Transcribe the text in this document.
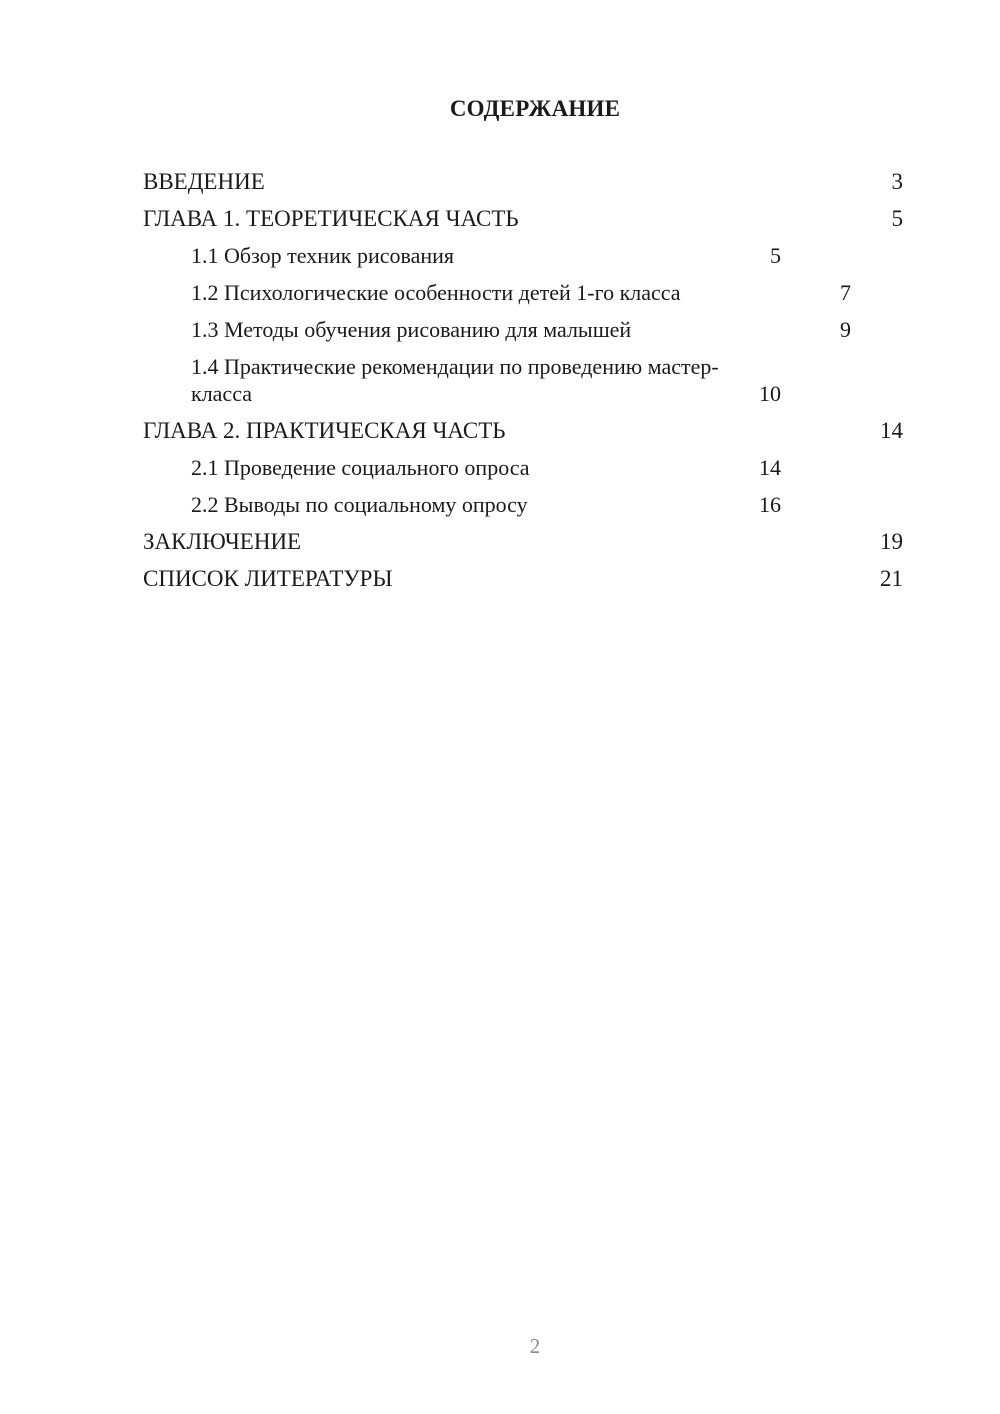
СОДЕРЖАНИЕ
ВВЕДЕНИЕ	3
ГЛАВА 1. ТЕОРЕТИЧЕСКАЯ ЧАСТЬ	5
1.1 Обзор техник рисования	5
1.2 Психологические особенности детей 1-го класса	7
1.3 Методы обучения рисованию для малышей	9
1.4 Практические рекомендации по проведению мастер-класса	10
ГЛАВА 2. ПРАКТИЧЕСКАЯ ЧАСТЬ	14
2.1 Проведение социального опроса	14
2.2 Выводы по социальному опросу	16
ЗАКЛЮЧЕНИЕ	19
СПИСОК ЛИТЕРАТУРЫ	21
2
